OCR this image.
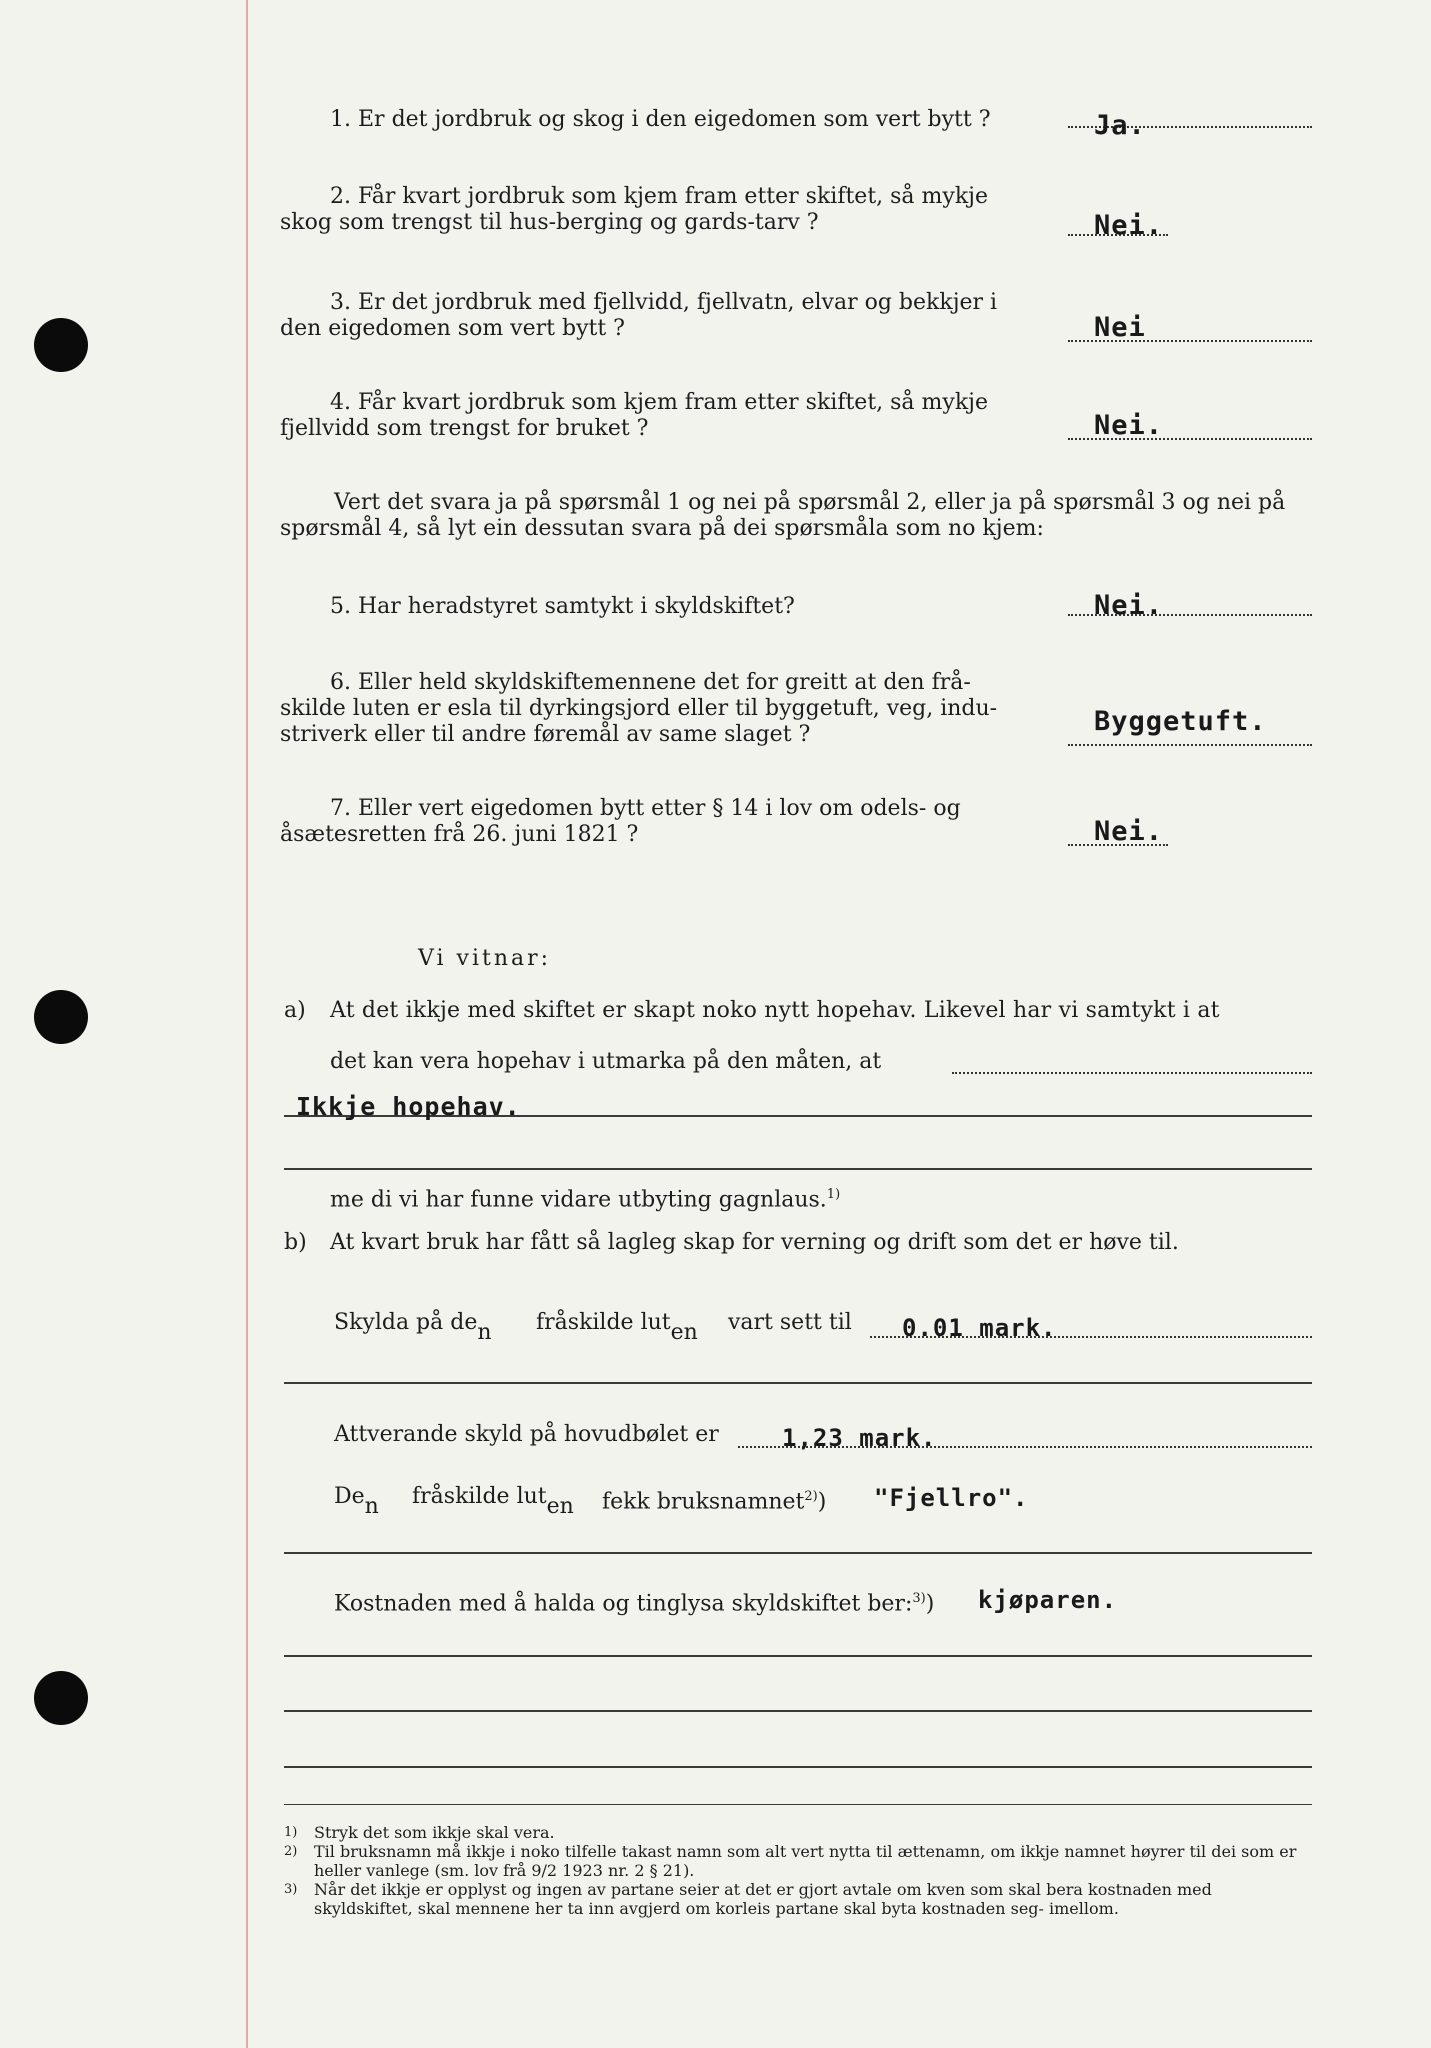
1. Er det jordbruk og skog i den eigedomen som vert bytt ?	Ja.
2. Får kvart jordbruk som kjem fram etter skiftet, så mykje
skog som trengst til hus-berging og gards-tarv ?	Nei.
3. Er det jordbruk med fjellvidd, fjellvatn, elvar og bekkjer i
den eigedomen som vert bytt ?	Nei
4. Får kvart jordbruk som kjem fram etter skiftet, så mykje
fjellvidd som trengst for bruket ?	Nei.
Vert det svara ja på spørsmål 1 og nei på spørsmål 2, eller ja på spørsmål 3 og nei på
spørsmål 4, så lyt ein dessutan svara på dei spørsmåla som no kjem:
5. Har heradstyret samtykt i skyldskiftet?	Nei.
6. Eller held skyldskiftemennene det for greitt at den frå-
skilde luten er esla til dyrkingsjord eller til byggetuft, veg, indu-
striverk eller til andre føremål av same slaget ?	Byggetuft.
7. Eller vert eigedomen bytt etter § 14 i lov om odels- og
åsætesretten frå 26. juni 1821 ?	Nei.
Vi vitnar:
a) At det ikkje med skiftet er skapt noko nytt hopehav. Likevel har vi samtykt i at
det kan vera hopehav i utmarka på den måten, at
Ikkje hopehav.
me di vi har funne vidare utbyting gagnlaus.$^{1)}$
b) At kvart bruk har fått så lagleg skap for verning og drift som det er høve til.
Skylda på den fråskilde luten vart sett til 0.01 mark.
Attverande skyld på hovudbølet er	1,23 mark.
Den fråskilde luten fekk bruksnamnet$^{2)}$) "Fjellro".
Kostnaden med å halda og tinglysa skyldskiftet ber:$^{3)}$) kjøparen.
1)	Stryk det som ikkje skal vera.
2)	Til bruksnamn må ikkje i noko tilfelle takast namn som alt vert nytta til ættenamn, om ikkje namnet høyrer til dei som er heller vanlege (sm. lov frå 9/2 1923 nr. 2 § 21).
3)	Når det ikkje er opplyst og ingen av partane seier at det er gjort avtale om kven som skal bera kostnaden med skyldskiftet, skal mennene her ta inn avgjerd om korleis partane skal byta kostnaden seg- imellom.
